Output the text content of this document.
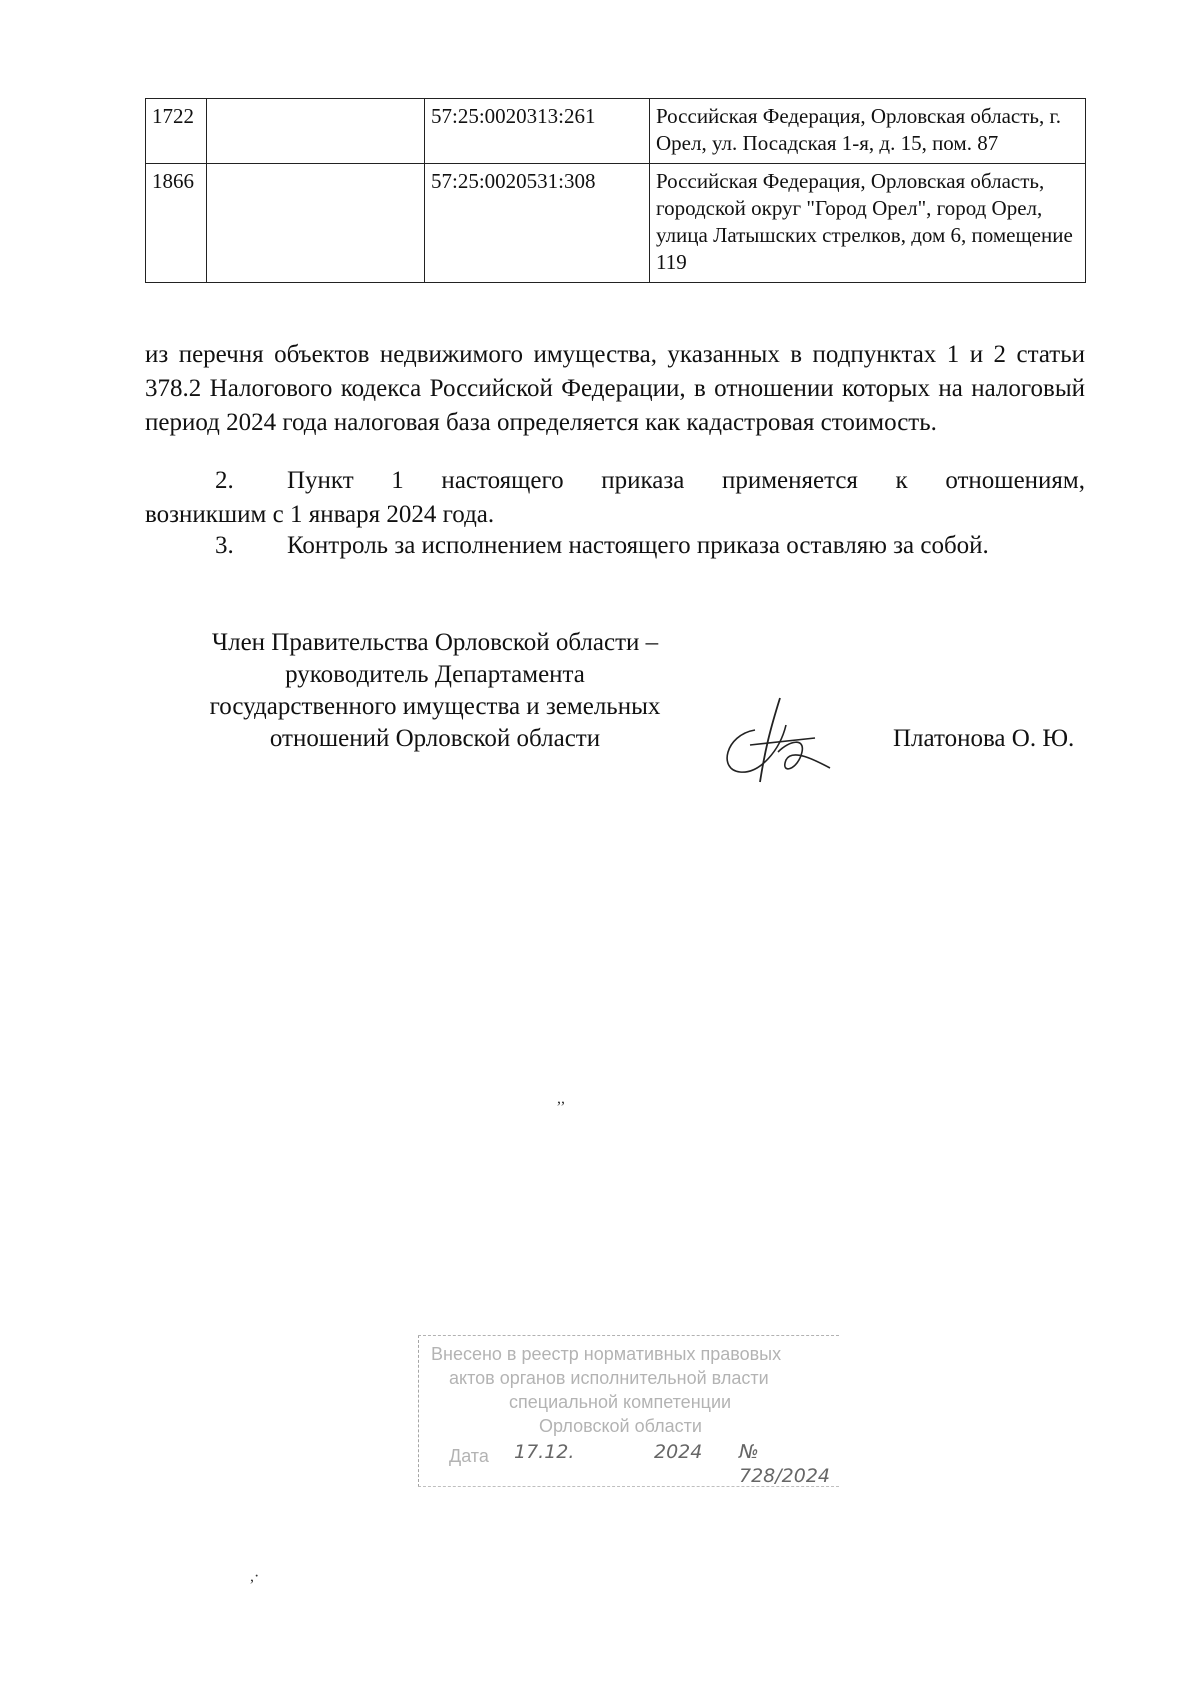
1722		57:25:0020313:261	Российская Федерация, Орловская область, г. Орел, ул. Посадская 1-я, д. 15, пом. 87
1866		57:25:0020531:308	Российская Федерация, Орловская область, городской округ "Город Орел", город Орел, улица Латышских стрелков, дом 6, помещение 119

из перечня объектов недвижимого имущества, указанных в подпунктах 1 и 2 статьи 378.2 Налогового кодекса Российской Федерации, в отношении которых на налоговый период 2024 года налоговая база определяется как кадастровая стоимость.

2. Пункт 1 настоящего приказа применяется к отношениям,
возникшим с 1 января 2024 года.
3. Контроль за исполнением настоящего приказа оставляю за собой.
Член Правительства Орловской области –
руководитель Департамента
государственного имущества и земельных
отношений Орловской области	Платонова О. Ю.
,,
,·
Внесено в реестр нормативных правовых
актов органов исполнительной власти
специальной компетенции
Орловской области
Дата 17.12.	2024 № 728/2024
